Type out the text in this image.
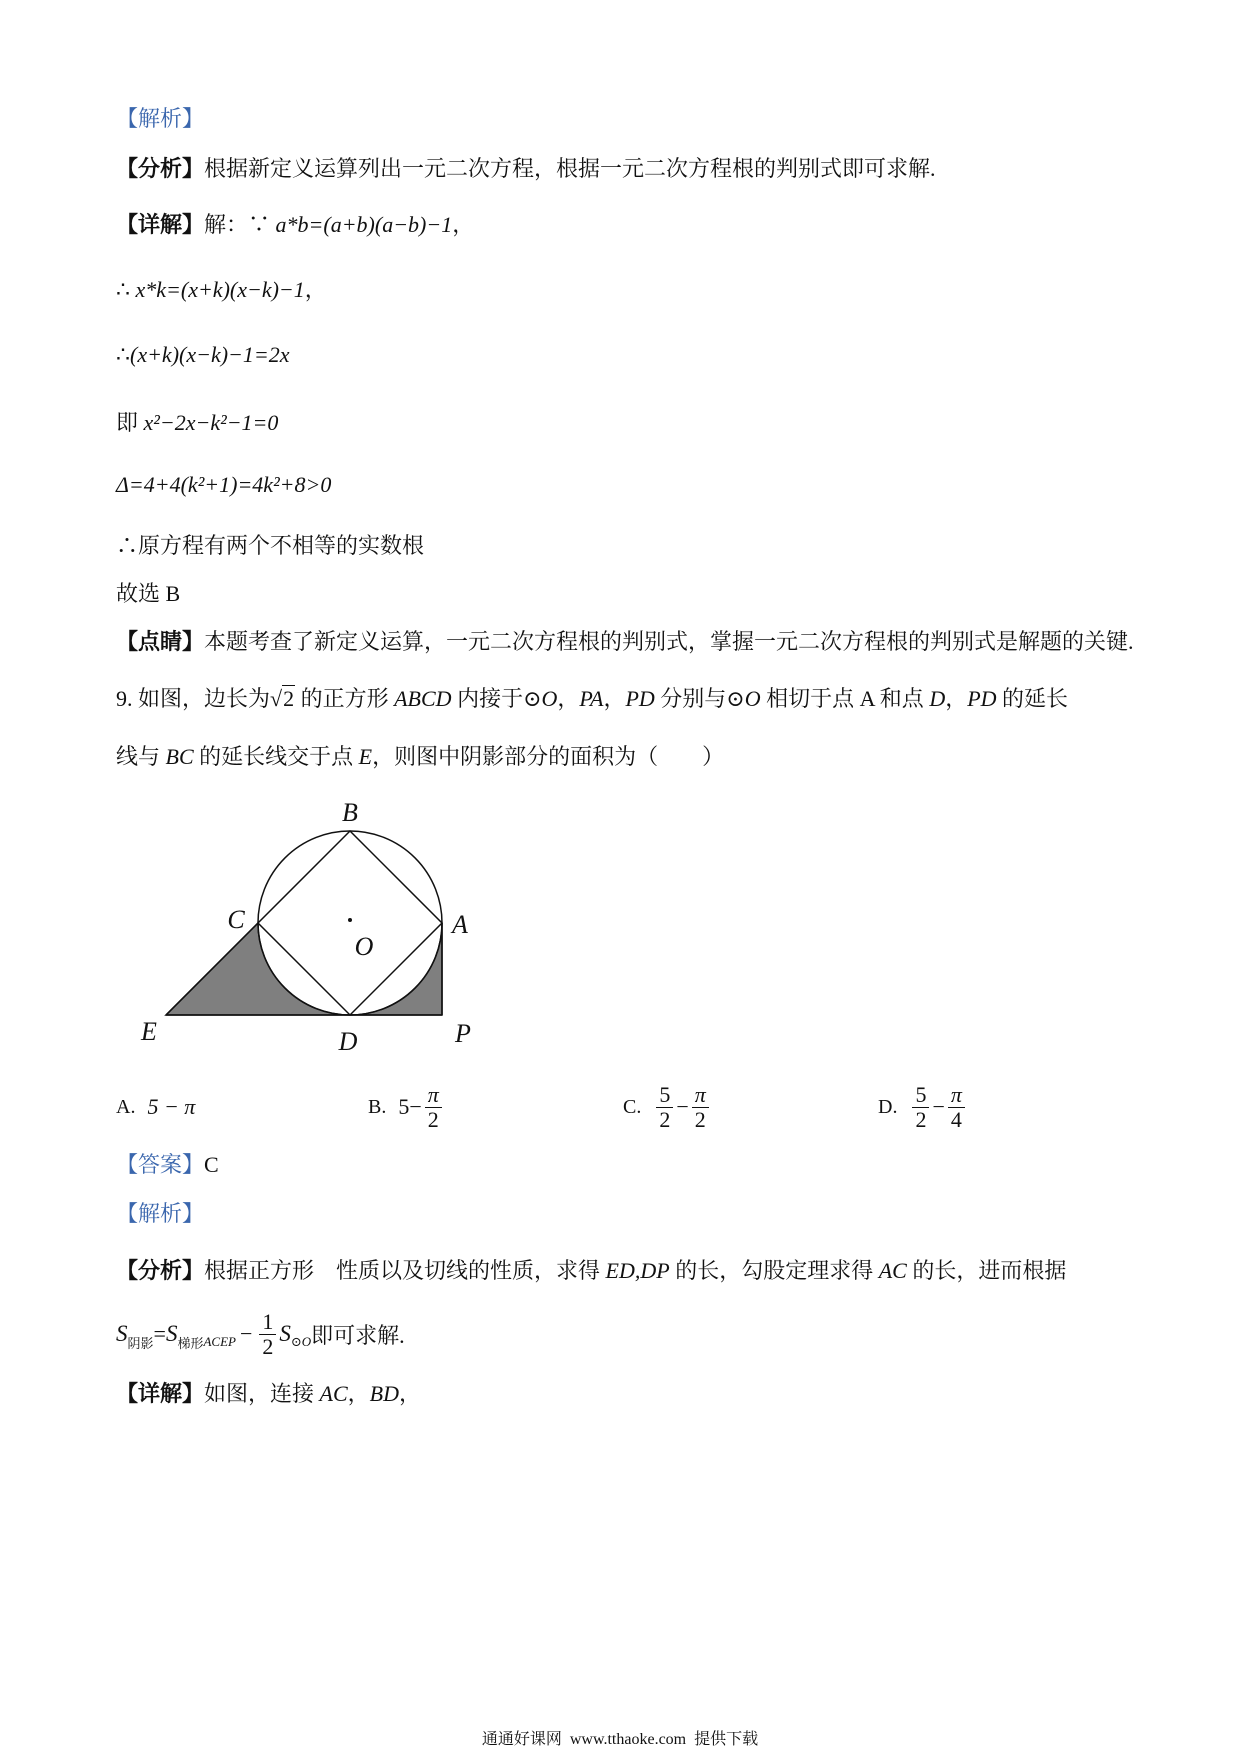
【解析】
【分析】根据新定义运算列出一元二次方程，根据一元二次方程根的判别式即可求解.
【详解】解：∵ a*b=(a+b)(a−b)−1，
∴ x*k=(x+k)(x−k)−1，
∴(x+k)(x−k)−1=2x
即 x²−2x−k²−1=0
Δ=4+4(k²+1)=4k²+8>0
∴原方程有两个不相等的实数根
故选 B
【点睛】本题考查了新定义运算，一元二次方程根的判别式，掌握一元二次方程根的判别式是解题的关键.
9. 如图，边长为√2 的正方形 ABCD 内接于⊙O，PA，PD 分别与⊙O 相切于点 A 和点 D，PD 的延长
线与 BC 的延长线交于点 E，则图中阴影部分的面积为（　　）
B
C	A
O
E	D	P
A. 5 − π	B. $5- \frac{\pi}{2}$	C. $\frac{5}{2} - \frac{\pi}{2}$	D. $\frac{5}{2} - \frac{\pi}{4}$
【答案】C
【解析】
【分析】根据正方形　性质以及切线的性质，求得 ED,DP 的长，勾股定理求得 AC 的长，进而根据
S 阴影 = S 梯形 ACEP − $\frac{1}{2}$ S ⊙ O 即可求解.
【详解】如图，连接 AC，BD，
通通好课网  www.tthaoke.com  提供下载
